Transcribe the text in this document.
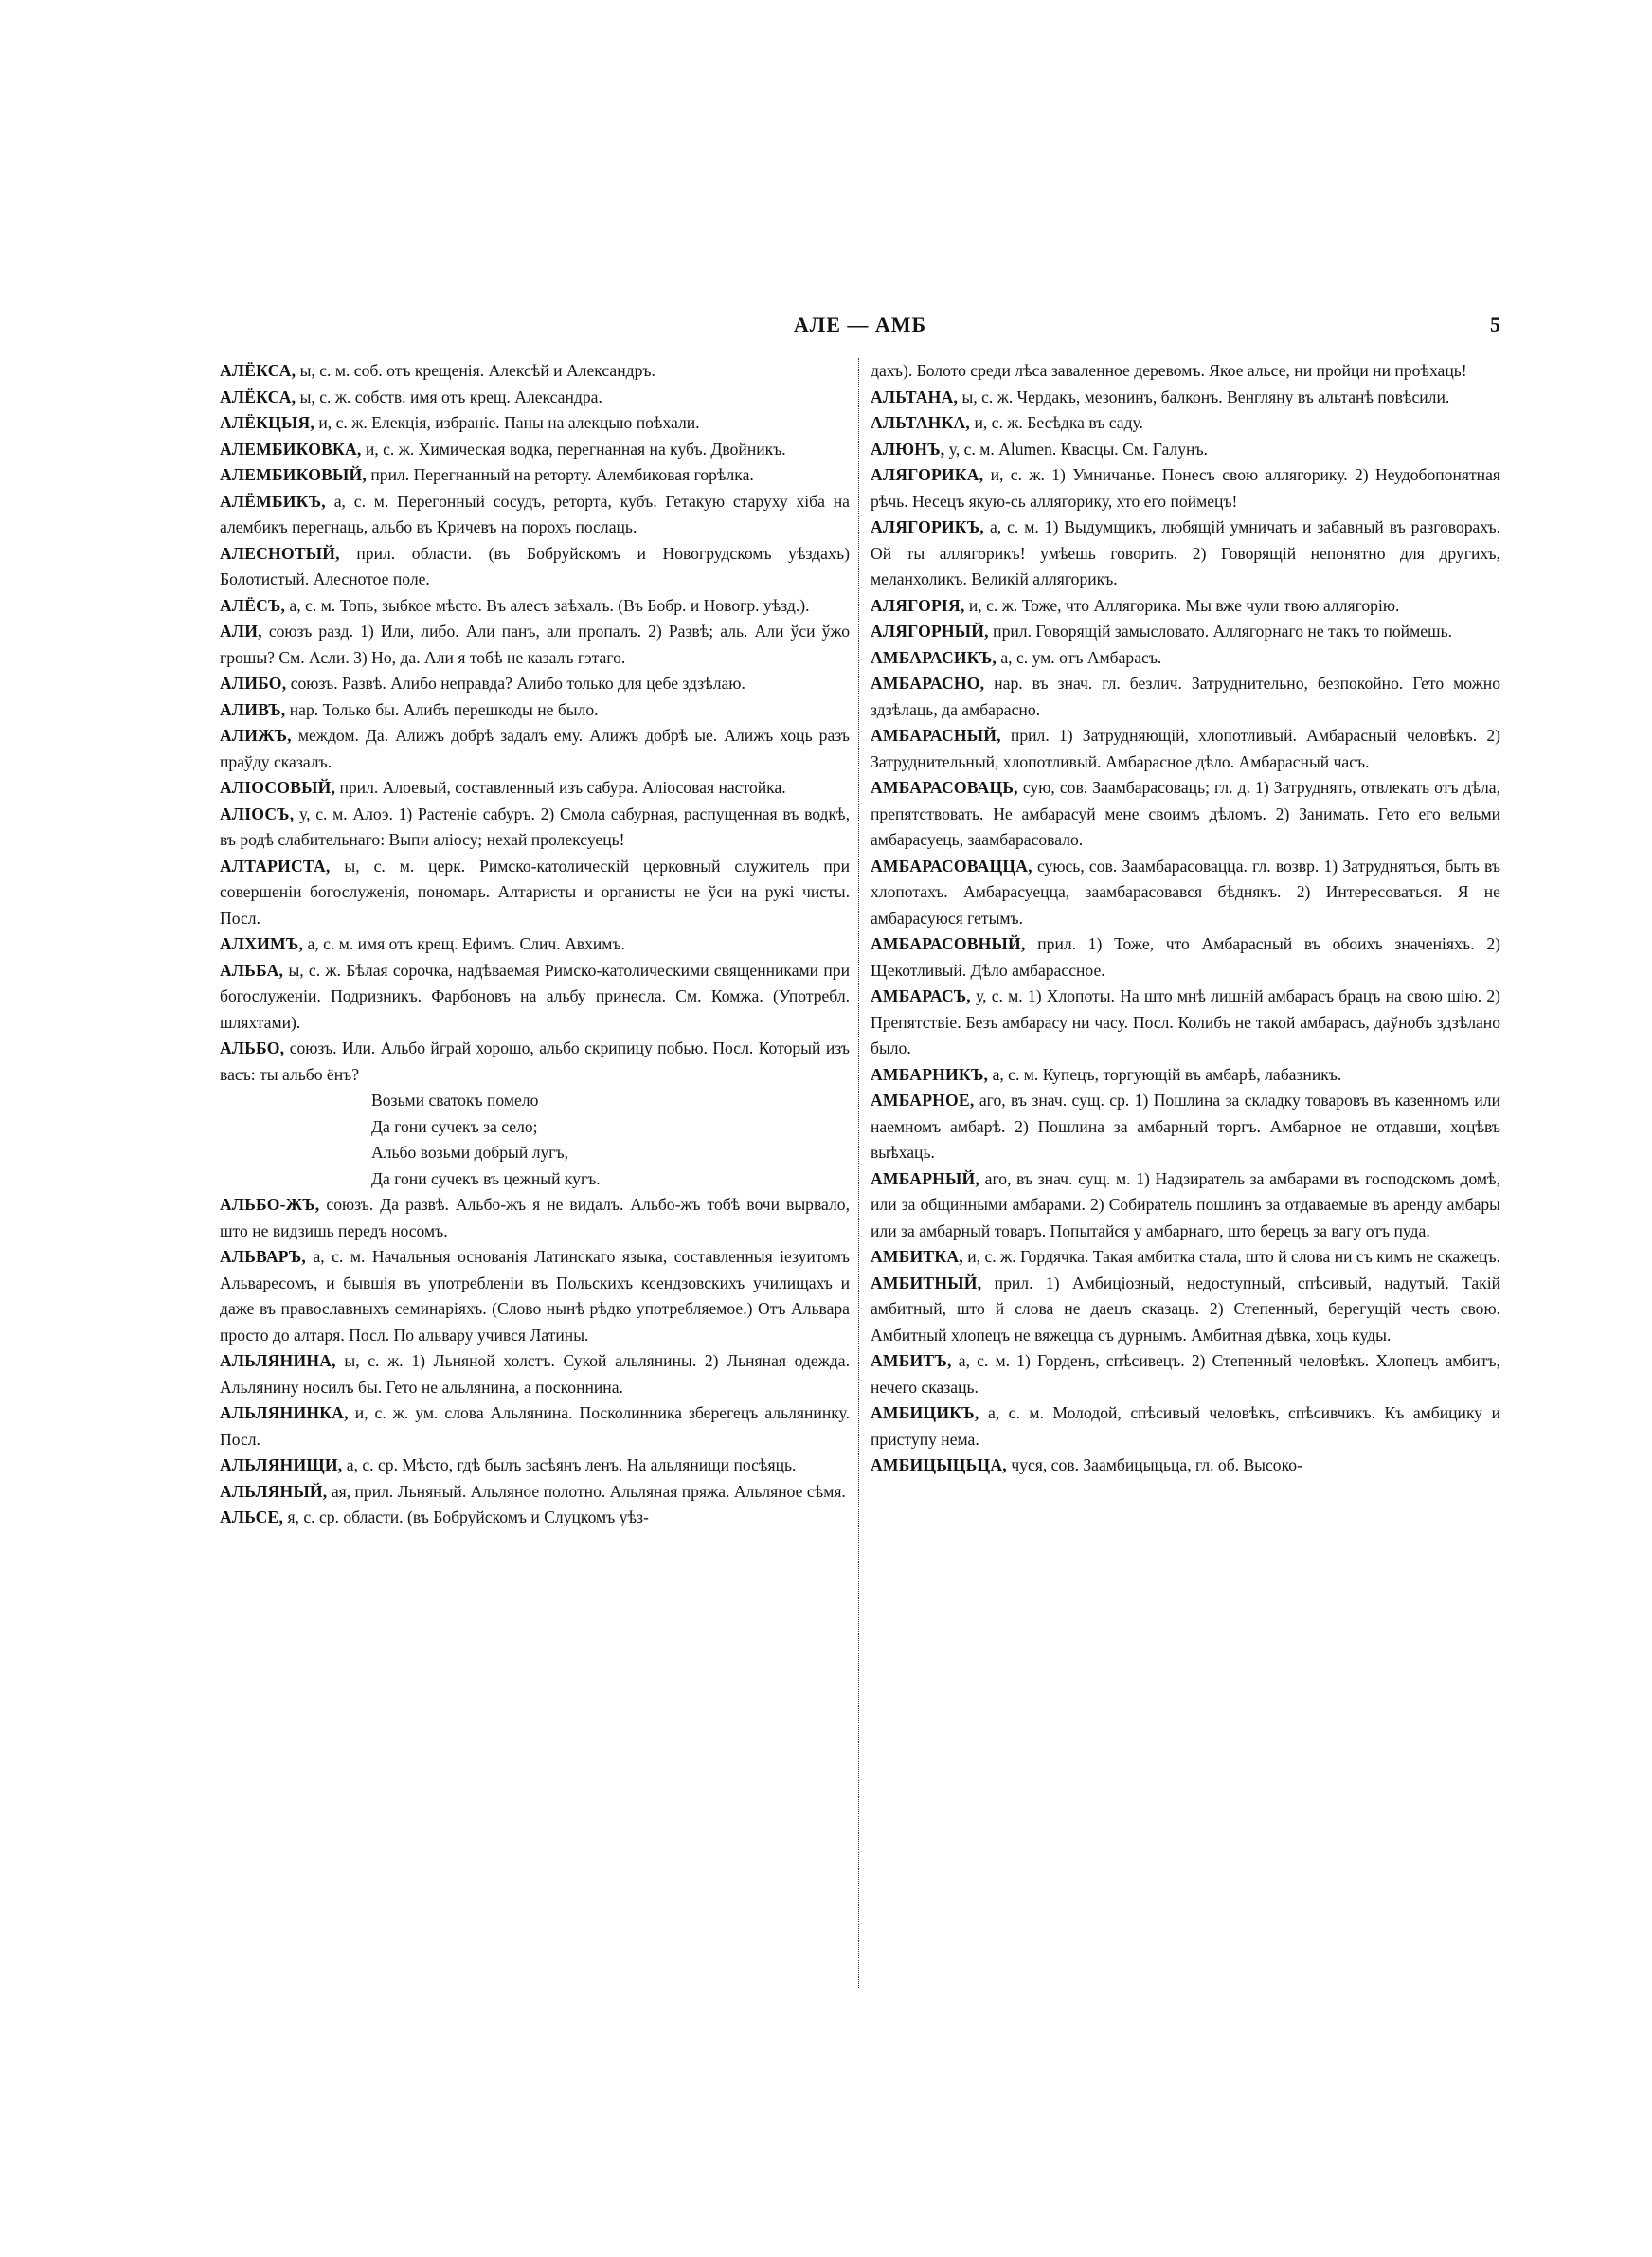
АЛЕ — АМБ	5

АЛЁКСА, ы, с. м. соб. отъ крещенія. Алексѣй и Александръ.

АЛЁКСА, ы, с. ж. собств. имя отъ крещ. Александра.

АЛЁКЦЫЯ, и, с. ж. Елекція, избраніе. Паны на алекцыю поѣхали.

АЛЕМБИКОВКА, и, с. ж. Химическая водка, перегнанная на кубъ. Двойникъ.

АЛЕМБИКОВЫЙ, прил. Перегнанный на реторту. Алембиковая горѣлка.

АЛЁМБИКЪ, а, с. м. Перегонный сосудъ, реторта, кубъ. Гетакую старуху хіба на алембикъ перегнаць, альбо въ Кричевъ на порохъ послаць.

АЛЕСНОТЫЙ, прил. области. (въ Бобруйскомъ и Новогрудскомъ уѣздахъ) Болотистый. Алеснотое поле.

АЛЁСЪ, а, с. м. Топь, зыбкое мѣсто. Въ алесъ заѣхалъ. (Въ Бобр. и Новогр. уѣзд.).

АЛИ, союзъ разд. 1) Или, либо. Али панъ, али пропалъ. 2) Развѣ; аль. Али ўси ўжо грошы? См. Асли. 3) Но, да. Али я тобѣ не казалъ гэтаго.

АЛИБО, союзъ. Развѣ. Алибо неправда? Алибо только для цебе здзѣлаю.

АЛИВЪ, нар. Только бы. Алибъ перешкоды не было.

АЛИЖЪ, междом. Да. Алижъ добрѣ задалъ ему. Алижъ добрѣ ые. Алижъ хоць разъ праўду сказалъ.

АЛІОСОВЫЙ, прил. Алоевый, составленный изъ сабура. Аліосовая настойка.

АЛІОСЪ, у, с. м. Алоэ. 1) Растеніе сабуръ. 2) Смола сабурная, распущенная въ водкѣ, въ родѣ слабительнаго: Выпи аліосу; нехай пролексуець!

АЛТАРИСТА, ы, с. м. церк. Римско-католическій церковный служитель при совершеніи богослуженія, пономарь. Алтаристы и органисты не ўси на рукi чисты. Посл.

АЛХИМЪ, а, с. м. имя отъ крещ. Ефимъ. Слич. Авхимъ.

АЛЬБА, ы, с. ж. Бѣлая сорочка, надѣваемая Римско-католическими священниками при богослуженіи. Подризникъ. Фарбоновъ на альбу принесла. См. Комжа. (Употребл. шляхтами).

АЛЬБО, союзъ. Или. Альбо йграй хорошо, альбо скрипицу побью. Посл. Который изъ васъ: ты альбо ёнъ?

Возьми сватокъ помело
Да гони сучекъ за село;
Альбо возьми добрый лугъ,
Да гони сучекъ въ цежный кугъ.

АЛЬБО-ЖЪ, союзъ. Да развѣ. Альбо-жъ я не видалъ. Альбо-жъ тобѣ вочи вырвало, што не видзишь передъ носомъ.

АЛЬВАРЪ, а, с. м. Начальныя основанія Латинскаго языка, составленныя іезуитомъ Альваресомъ, и бывшія въ употребленіи въ Польскихъ ксендзовскихъ училищахъ и даже въ православныхъ семинаріяхъ. (Слово нынѣ рѣдко употребляемое.) Отъ Альвара просто до алтаря. Посл. По альвару учився Латины.

АЛЬЛЯНИНА, ы, с. ж. 1) Льняной холстъ. Сукой альлянины. 2) Льняная одежда. Альлянину носилъ бы. Гето не альлянина, а посконнина.

АЛЬЛЯНИНКА, и, с. ж. ум. слова Альлянина. Посколинника зберегецъ альлянинку. Посл.

АЛЬЛЯНИЩИ, а, с. ср. Мѣсто, гдѣ былъ засѣянъ ленъ. На альлянищи посѣяць.

АЛЬЛЯНЫЙ, ая, прил. Льняный. Альляное полотно. Альляная пряжа. Альляное сѣмя.

АЛЬСЕ, я, с. ср. области. (въ Бобруйскомъ и Слуцкомъ уѣз-

дахъ). Болото среди лѣса заваленное деревомъ. Якое альсе, ни пройци ни проѣхаць!

АЛЬТАНА, ы, с. ж. Чердакъ, мезонинъ, балконъ. Венгляну въ альтанѣ повѣсили.

АЛЬТАНКА, и, с. ж. Бесѣдка въ саду.

АЛЮНЪ, у, с. м. Alumen. Квасцы. См. Галунъ.

АЛЯГОРИКА, и, с. ж. 1) Умничанье. Понесъ свою аллягорику. 2) Неудобопонятная рѣчь. Несецъ якую-сь аллягорику, хто его поймецъ!

АЛЯГОРИКЪ, а, с. м. 1) Выдумщикъ, любящій умничать и забавный въ разговорахъ. Ой ты аллягорикъ! умѣешь говорить. 2) Говорящій непонятно для другихъ, меланхоликъ. Великій аллягорикъ.

АЛЯГОРІЯ, и, с. ж. Тоже, что Аллягорика. Мы вже чули твою аллягорію.

АЛЯГОРНЫЙ, прил. Говорящій замысловато. Аллягорнаго не такъ то поймешь.

АМБАРАСИКЪ, а, с. ум. отъ Амбарасъ.

АМБАРАСНО, нар. въ знач. гл. безлич. Затруднительно, безпокойно. Гето можно здзѣлаць, да амбарасно.

АМБАРАСНЫЙ, прил. 1) Затрудняющій, хлопотливый. Амбарасный человѣкъ. 2) Затруднительный, хлопотливый. Амбарасное дѣло. Амбарасный часъ.

АМБАРАСОВАЦЬ, сую, сов. Заамбарасоваць; гл. д. 1) Затруднять, отвлекать отъ дѣла, препятствовать. Не амбарасуй мене своимъ дѣломъ. 2) Занимать. Гето его вельми амбарасуець, заамбарасовало.

АМБАРАСОВАЦЦА, суюсь, сов. Заамбарасоваццa. гл. возвр. 1) Затрудняться, быть въ хлопотахъ. Амбарасуецца, заамбарасовався бѣднякъ. 2) Интересоваться. Я не амбарасуюся гетымъ.

АМБАРАСОВНЫЙ, прил. 1) Тоже, что Амбарасный въ обоихъ значеніяхъ. 2) Щекотливый. Дѣло амбарасcное.

АМБАРАСЪ, у, с. м. 1) Хлопоты. На што мнѣ лишній амбарасъ брацъ на свою шію. 2) Препятствіе. Безъ амбарасу ни часу. Посл. Колибъ не такой амбарасъ, даўнобъ здзѣлано было.

АМБАРНИКЪ, а, с. м. Купецъ, торгующій въ амбарѣ, лабазникъ.

АМБАРНОЕ, аго, въ знач. сущ. ср. 1) Пошлина за складку товаровъ въ казенномъ или наемномъ амбарѣ. 2) Пошлина за амбарный торгъ. Амбарное не отдавши, хоцѣвъ выѣхаць.

АМБАРНЫЙ, аго, въ знач. сущ. м. 1) Надзиратель за амбарами въ господскомъ домѣ, или за общинными амбарами. 2) Собиратель пошлинъ за отдаваемые въ аренду амбары или за амбарный товаръ. Попытайся у амбарнаго, што берецъ за вагу отъ пуда.

АМБИТКА, и, с. ж. Гордячка. Такая амбитка стала, што й слова ни съ кимъ не скажецъ.

АМБИТНЫЙ, прил. 1) Амбиціозный, недоступный, спѣсивый, надутый. Такій амбитный, што й слова не даецъ сказаць. 2) Степенный, берегущій честь свою. Амбитный хлопецъ не вяжецца съ дурнымъ. Амбитная дѣвка, хоць куды.

АМБИТЪ, а, с. м. 1) Горденъ, спѣсивецъ. 2) Степенный человѣкъ. Хлопецъ амбитъ, нечего сказаць.

АМБИЦИКЪ, а, с. м. Молодой, спѣсивый человѣкъ, спѣсивчикъ. Къ амбицику и приступу нема.

АМБИЦЫЦЬЦА, чуся, сов. Заамбицыцьца, гл. об. Высоко-
